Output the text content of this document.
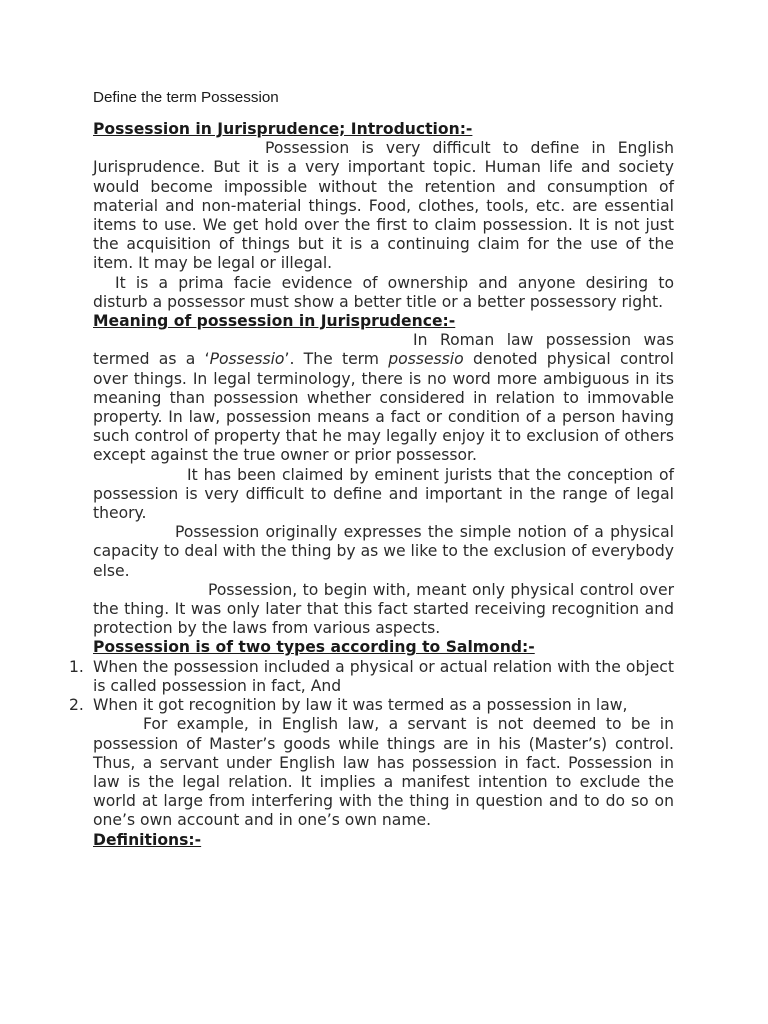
Define the term Possession
Possession in Jurisprudence; Introduction:-

Possession is very difficult to define in English Jurisprudence. But it is a very important topic. Human life and society would become impossible without the retention and consumption of material and non-material things. Food, clothes, tools, etc. are essential items to use. We get hold over the first to claim possession. It is not just the acquisition of things but it is a continuing claim for the use of the item. It may be legal or illegal.

It is a prima facie evidence of ownership and anyone desiring to disturb a possessor must show a better title or a better possessory right.

Meaning of possession in Jurisprudence:-

In Roman law possession was termed as a ‘Possessio’. The term possessio denoted physical control over things. In legal terminology, there is no word more ambiguous in its meaning than possession whether considered in relation to immovable property. In law, possession means a fact or condition of a person having such control of property that he may legally enjoy it to exclusion of others except against the true owner or prior possessor.

It has been claimed by eminent jurists that the conception of possession is very difficult to define and important in the range of legal theory.

Possession originally expresses the simple notion of a physical capacity to deal with the thing by as we like to the exclusion of everybody else.

Possession, to begin with, meant only physical control over the thing. It was only later that this fact started receiving recognition and protection by the laws from various aspects.

Possession is of two types according to Salmond:-
1. When the possession included a physical or actual relation with the object is called possession in fact, And
2. When it got recognition by law it was termed as a possession in law,

For example, in English law, a servant is not deemed to be in possession of Master’s goods while things are in his (Master’s) control. Thus, a servant under English law has possession in fact. Possession in law is the legal relation. It implies a manifest intention to exclude the world at large from interfering with the thing in question and to do so on one’s own account and in one’s own name.

Definitions:-
